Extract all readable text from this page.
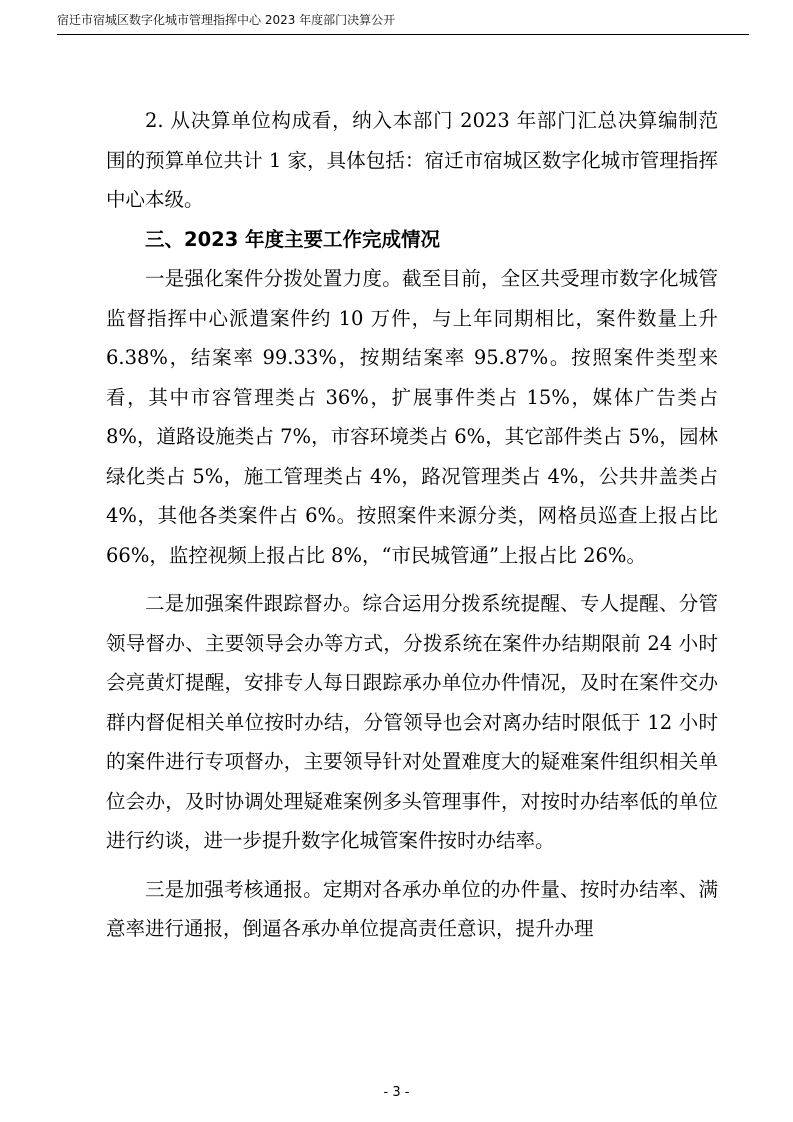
宿迁市宿城区数字化城市管理指挥中心 2023 年度部门决算公开

2. 从决算单位构成看，纳入本部门 2023 年部门汇总决算编制范围的预算单位共计 1 家，具体包括：宿迁市宿城区数字化城市管理指挥中心本级。

三、2023 年度主要工作完成情况

一是强化案件分拨处置力度。截至目前，全区共受理市数字化城管监督指挥中心派遣案件约 10 万件，与上年同期相比，案件数量上升 6.38%，结案率 99.33%，按期结案率 95.87%。按照案件类型来看，其中市容管理类占 36%，扩展事件类占 15%，媒体广告类占 8%，道路设施类占 7%，市容环境类占 6%，其它部件类占 5%，园林绿化类占 5%，施工管理类占 4%，路况管理类占 4%，公共井盖类占 4%，其他各类案件占 6%。按照案件来源分类，网格员巡查上报占比 66%，监控视频上报占比 8%，“市民城管通”上报占比 26%。

二是加强案件跟踪督办。综合运用分拨系统提醒、专人提醒、分管领导督办、主要领导会办等方式，分拨系统在案件办结期限前 24 小时会亮黄灯提醒，安排专人每日跟踪承办单位办件情况，及时在案件交办群内督促相关单位按时办结，分管领导也会对离办结时限低于 12 小时的案件进行专项督办，主要领导针对处置难度大的疑难案件组织相关单位会办，及时协调处理疑难案例多头管理事件，对按时办结率低的单位进行约谈，进一步提升数字化城管案件按时办结率。

三是加强考核通报。定期对各承办单位的办件量、按时办结率、满意率进行通报，倒逼各承办单位提高责任意识，提升办理

- 3 -
